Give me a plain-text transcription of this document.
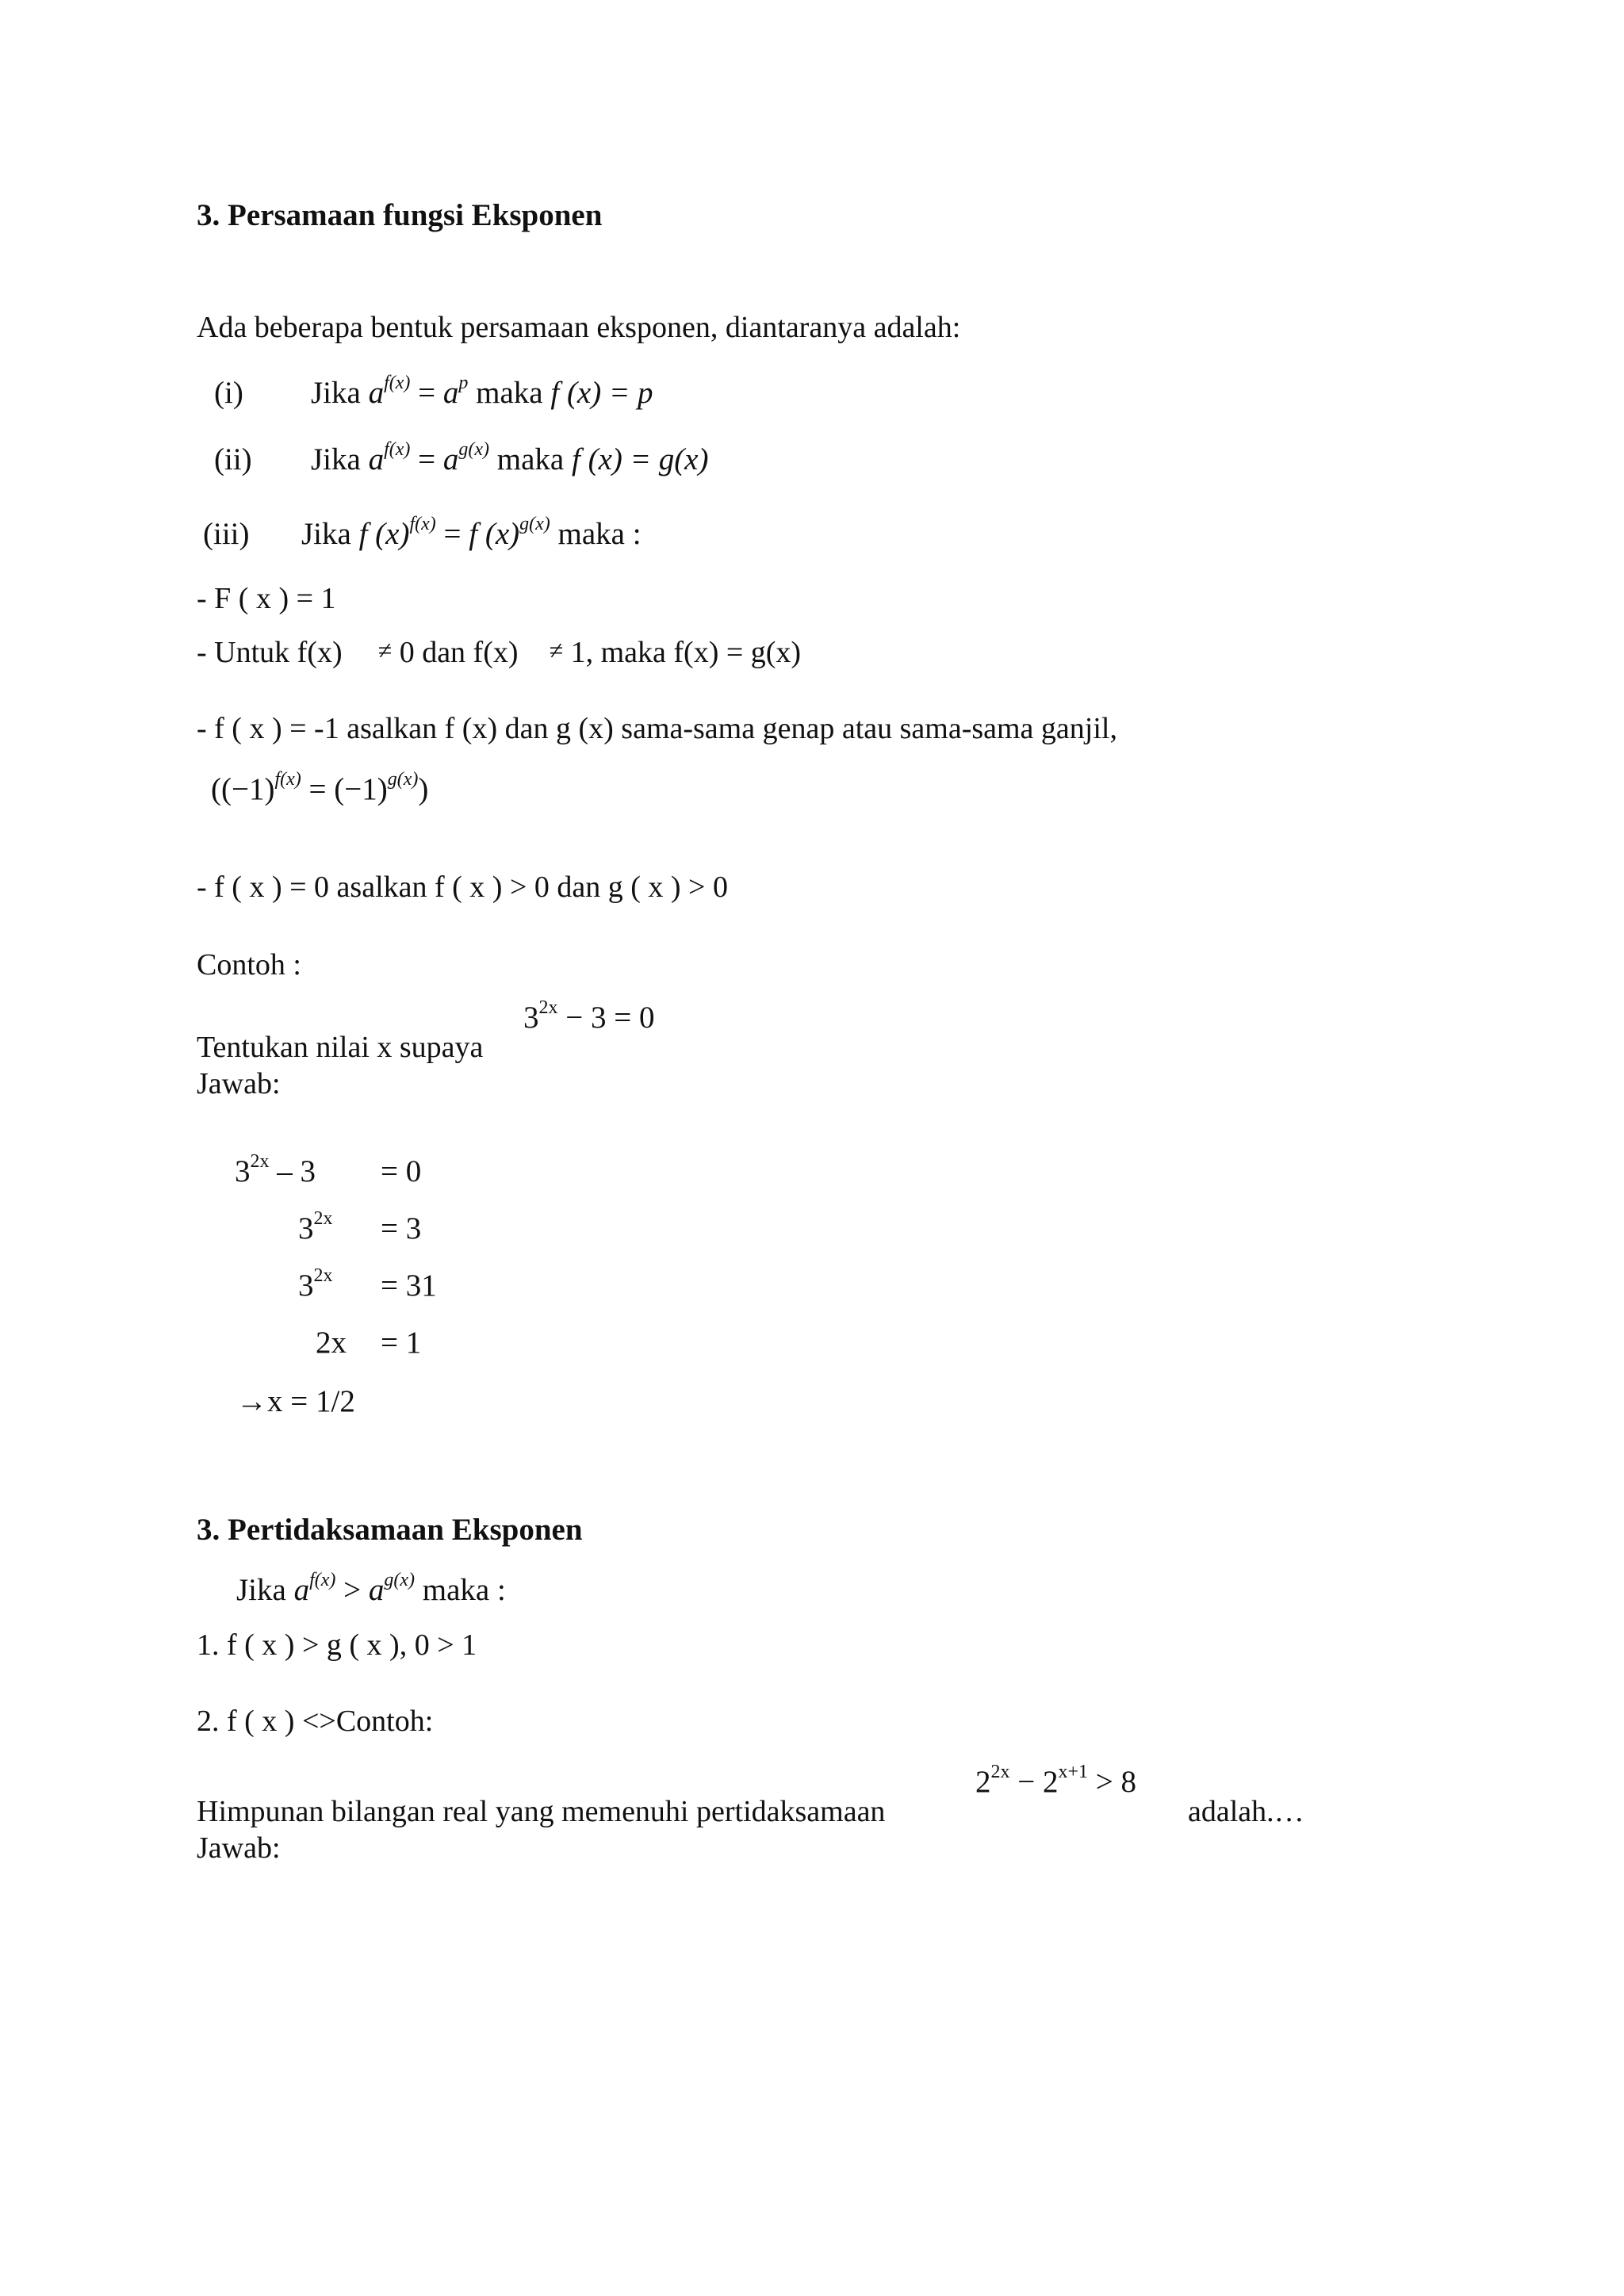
3. Persamaan fungsi Eksponen
Ada beberapa bentuk persamaan eksponen, diantaranya adalah:
(i) Jika $a^{f(x)} = a^p$ maka f (x) = p
(ii) Jika $a^{f(x)} = a^{g(x)}$ maka f (x) = g(x)
(iii) Jika f $(x)^{f(x)} = f$ $(x)^{g(x)}$ maka :
- F ( x ) = 1
- Untuk f(x) ≠ 0 dan f(x) ≠ 1, maka f(x) = g(x)
- f ( x ) = -1 asalkan f (x) dan g (x) sama-sama genap atau sama-sama ganjil,
$((-1)^{f(x)} = (-1)^{g(x)})$
- f ( x ) = 0 asalkan f ( x ) > 0 dan g ( x ) > 0
Contoh :
$3^{2x} - 3 = 0$
Tentukan nilai x supaya
Jawab:
$3^{2x} - 3 = 0$
$3^{2x} = 3$
$3^{2x} = 31$
2x = 1
→x = 1/2
3. Pertidaksamaan Eksponen
Jika $a^{f(x)} > a^{g(x)}$ maka :
1. f ( x ) > g ( x ), 0 > 1
2. f ( x ) <>Contoh:
$2^{2x} - 2^{x+1} > 8$
Himpunan bilangan real yang memenuhi pertidaksamaan	adalah.…
Jawab:
